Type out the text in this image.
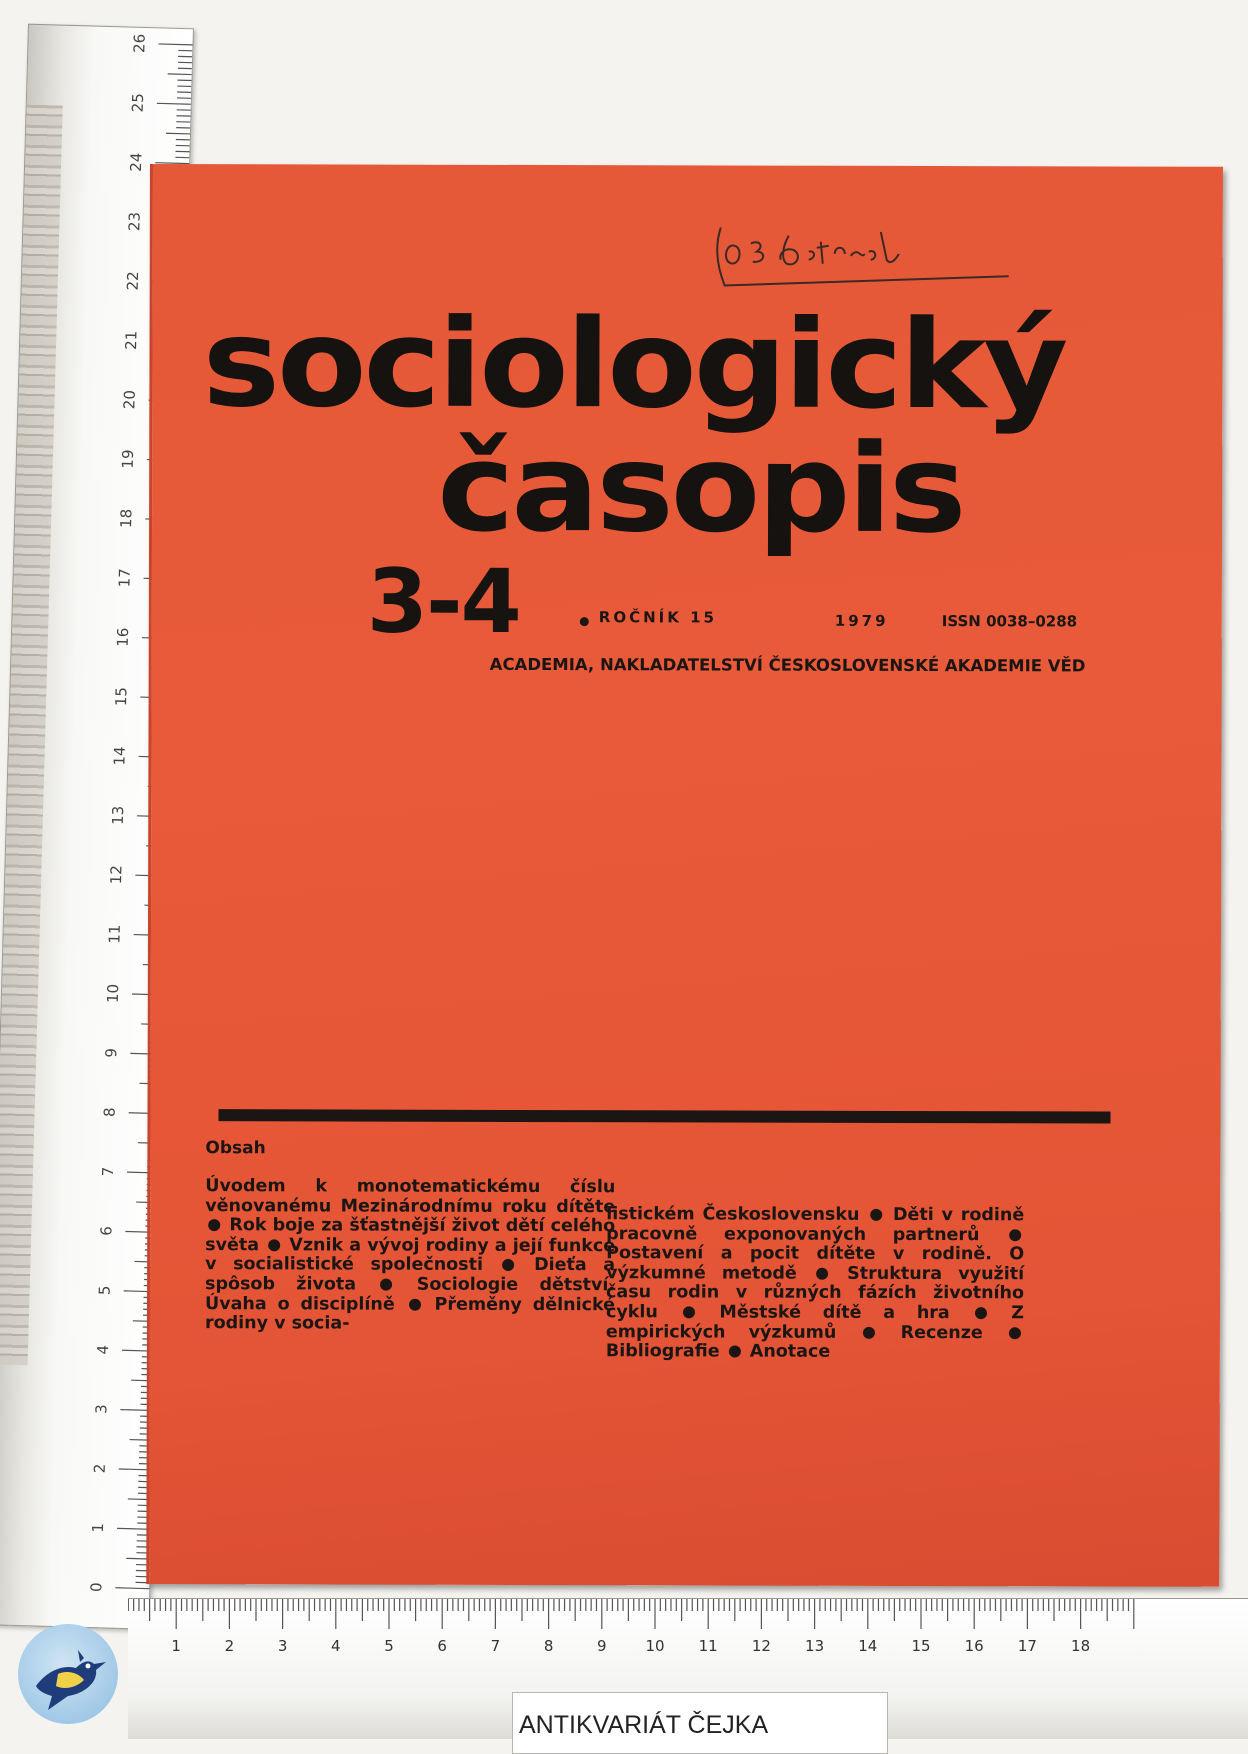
26
25
24
23
22
21
20
19
18
17
16
15
14
13
12
11
10
9
8
7
6
5
4
3
2
1
0
sociologický
časopis
3-4	ROČNÍK 15	1979	ISSN 0038–0288
ACADEMIA, NAKLADATELSTVÍ ČESKOSLOVENSKÉ AKADEMIE VĚD
Obsah
Úvodem k monotematickému číslu věnovanému Mezinárodnímu roku dítěte  Rok boje za šťastnější život dětí celého světa  Vznik a vývoj rodiny a její funkce v socialistické společnosti  Dieťa a spôsob života  Sociologie dětství. Úvaha o disciplíně  Přeměny dělnické rodiny v socia-
listickém Československu  Děti v rodině pracovně exponovaných partnerů  Postavení a pocit dítěte v rodině. O výzkumné metodě  Struktura využití času rodin v různých fázích životního cyklu  Městské dítě a hra  Z empirických výzkumů  Recenze  Bibliografie  Anotace
1	2	3	4	5	6	7	8	9	10 11 12 13 14 15 16 17 18
ANTIKVARIÁT ČEJKA
